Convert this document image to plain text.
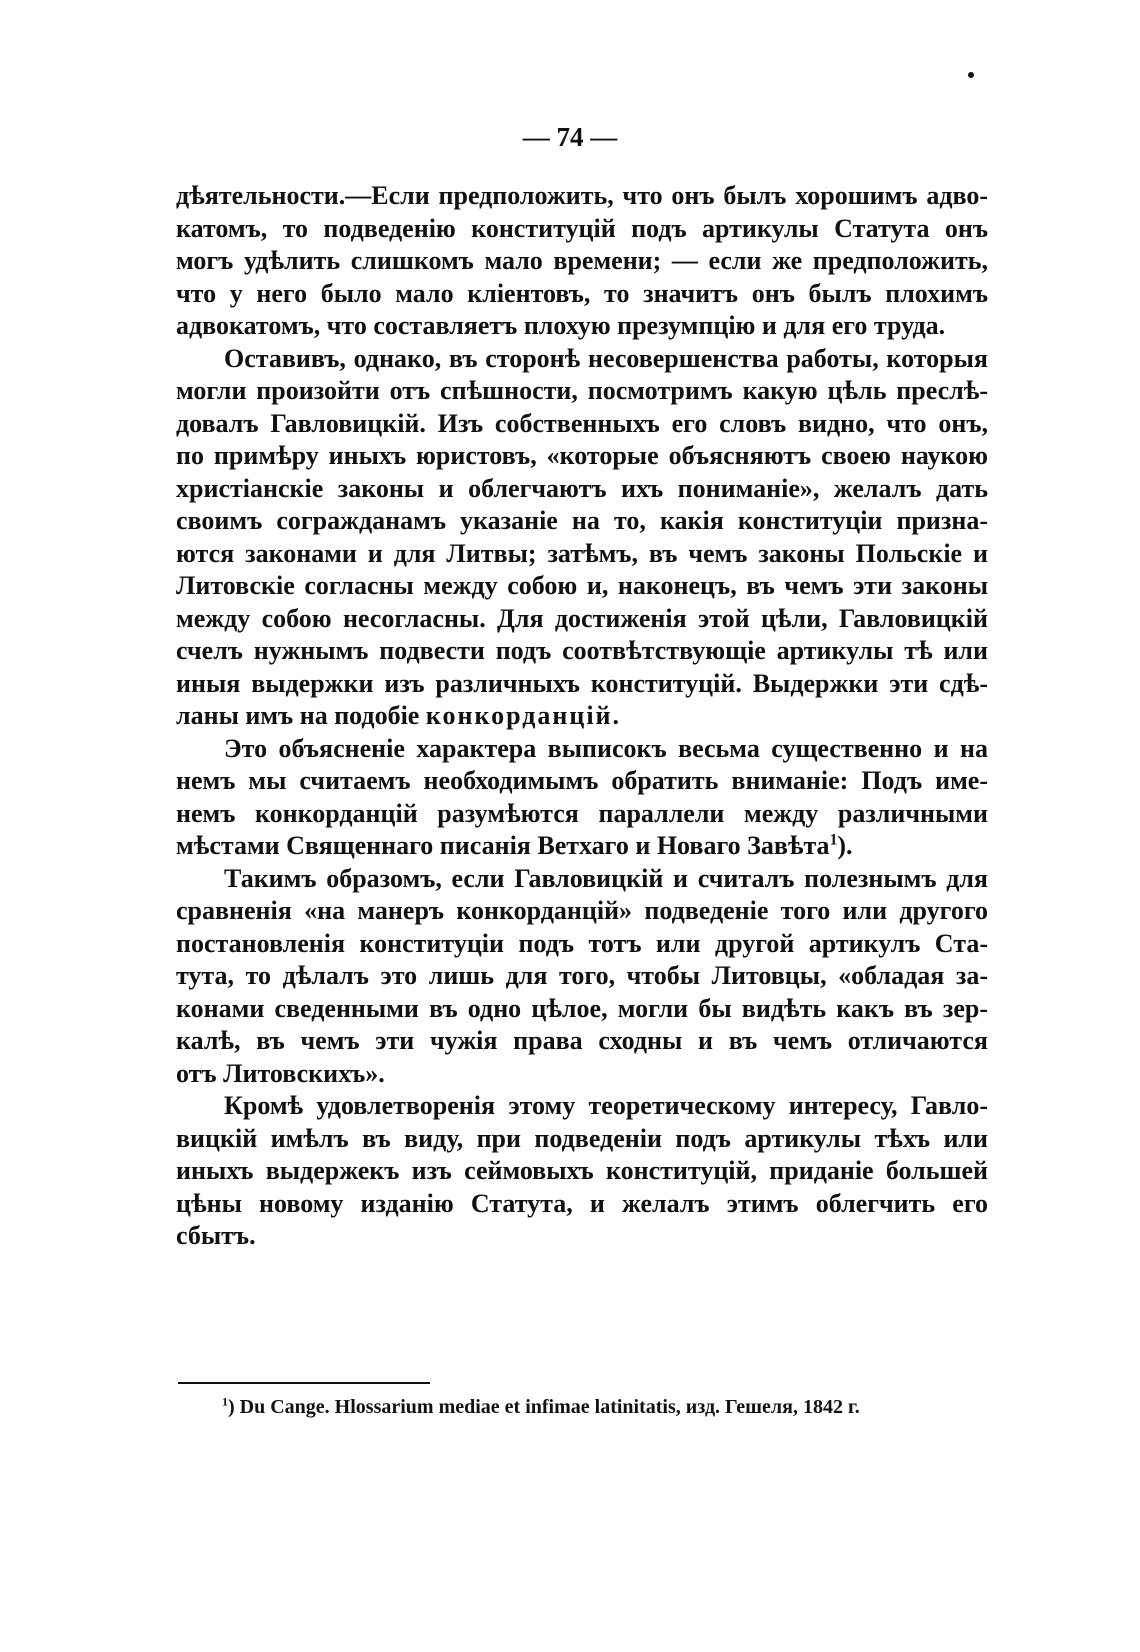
— 74 —
дѣятельности.—Если предположить, что онъ былъ хорошимъ адво-
катомъ, то подведенію конституцій подъ артикулы Статута онъ
могъ удѣлить слишкомъ мало времени; — если же предположить,
что у него было мало кліентовъ, то значитъ онъ былъ плохимъ
адвокатомъ, что составляетъ плохую презумпцію и для его труда.
Оставивъ, однако, въ сторонѣ несовершенства работы, которыя
могли произойти отъ спѣшности, посмотримъ какую цѣль преслѣ-
довалъ Гавловицкій. Изъ собственныхъ его словъ видно, что онъ,
по примѣру иныхъ юристовъ, «которые объясняютъ своею наукою
христіанскіе законы и облегчаютъ ихъ пониманіе», желалъ дать
своимъ согражданамъ указаніе на то, какія конституціи призна-
ются законами и для Литвы; затѣмъ, въ чемъ законы Польскіе и
Литовскіе согласны между собою и, наконецъ, въ чемъ эти законы
между собою несогласны. Для достиженія этой цѣли, Гавловицкій
счелъ нужнымъ подвести подъ соотвѣтствующіе артикулы тѣ или
иныя выдержки изъ различныхъ конституцій. Выдержки эти сдѣ-
ланы имъ на подобіе конкорданцій.
Это объясненіе характера выписокъ весьма существенно и на
немъ мы считаемъ необходимымъ обратить вниманіе: Подъ име-
немъ конкорданцій разумѣются параллели между различными
мѣстами Священнаго писанія Ветхаго и Новаго Завѣта$^1$).
Такимъ образомъ, если Гавловицкій и считалъ полезнымъ для
сравненія «на манеръ конкорданцій» подведеніе того или другого
постановленія конституціи подъ тотъ или другой артикулъ Ста-
тута, то дѣлалъ это лишь для того, чтобы Литовцы, «обладая за-
конами сведенными въ одно цѣлое, могли бы видѣть какъ въ зер-
калѣ, въ чемъ эти чужія права сходны и въ чемъ отличаются
отъ Литовскихъ».
Кромѣ удовлетворенія этому теоретическому интересу, Гавло-
вицкій имѣлъ въ виду, при подведеніи подъ артикулы тѣхъ или
иныхъ выдержекъ изъ сеймовыхъ конституцій, приданіе большей
цѣны новому изданію Статута, и желалъ этимъ облегчить его
сбытъ.
$^1$) Du Cange. Hlossarium mediae et infimae latinitatis, изд. Гешеля, 1842 г.
